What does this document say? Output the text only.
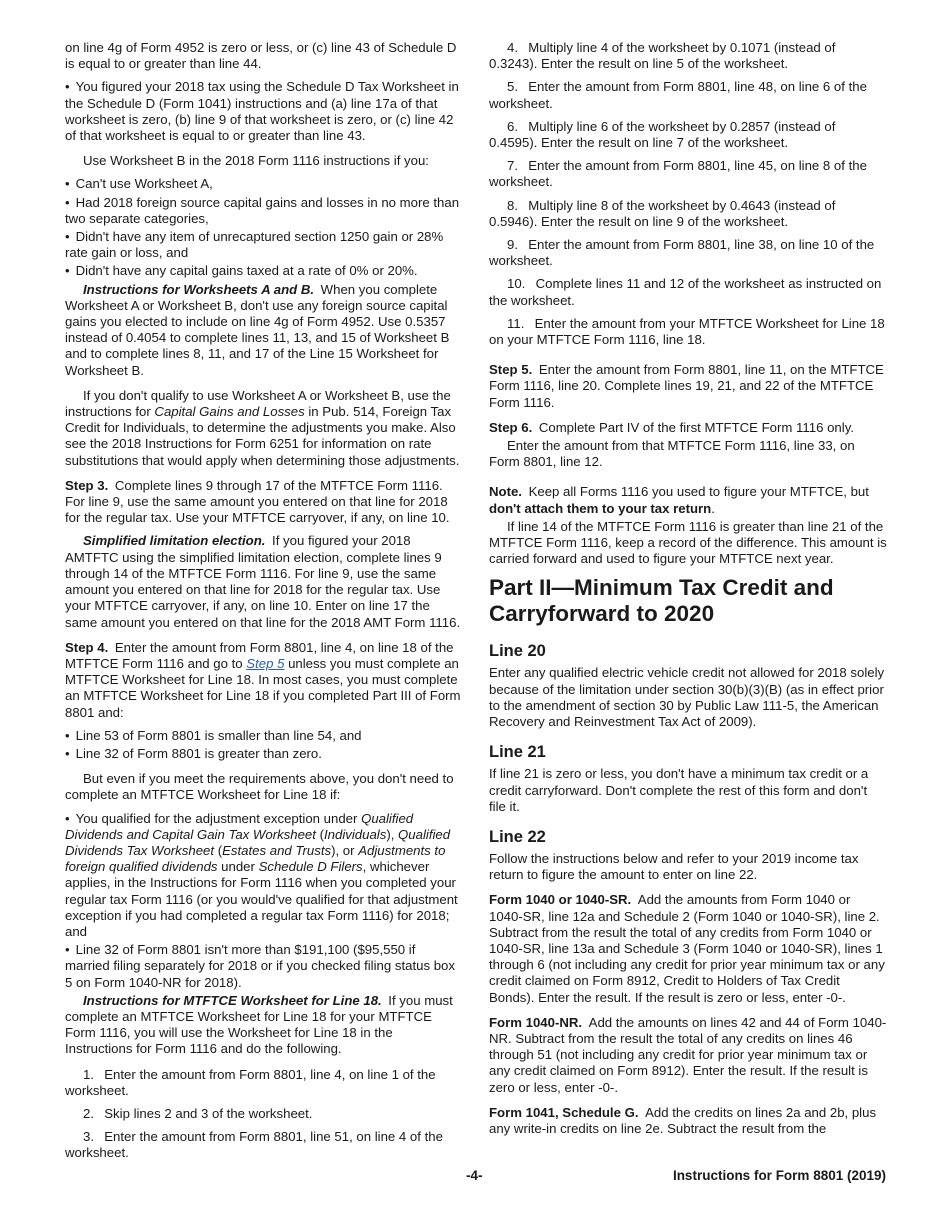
on line 4g of Form 4952 is zero or less, or (c) line 43 of Schedule D is equal to or greater than line 44.

• You figured your 2018 tax using the Schedule D Tax Worksheet in the Schedule D (Form 1041) instructions and (a) line 17a of that worksheet is zero, (b) line 9 of that worksheet is zero, or (c) line 42 of that worksheet is equal to or greater than line 43.

Use Worksheet B in the 2018 Form 1116 instructions if you:

• Can't use Worksheet A,

• Had 2018 foreign source capital gains and losses in no more than two separate categories,

• Didn't have any item of unrecaptured section 1250 gain or 28% rate gain or loss, and

• Didn't have any capital gains taxed at a rate of 0% or 20%.

Instructions for Worksheets A and B.  When you complete Worksheet A or Worksheet B, don't use any foreign source capital gains you elected to include on line 4g of Form 4952. Use 0.5357 instead of 0.4054 to complete lines 11, 13, and 15 of Worksheet B and to complete lines 8, 11, and 17 of the Line 15 Worksheet for Worksheet B.

If you don't qualify to use Worksheet A or Worksheet B, use the instructions for Capital Gains and Losses in Pub. 514, Foreign Tax Credit for Individuals, to determine the adjustments you make. Also see the 2018 Instructions for Form 6251 for information on rate substitutions that would apply when determining those adjustments.

Step 3.  Complete lines 9 through 17 of the MTFTCE Form 1116. For line 9, use the same amount you entered on that line for 2018 for the regular tax. Use your MTFTCE carryover, if any, on line 10.

Simplified limitation election.  If you figured your 2018 AMTFTC using the simplified limitation election, complete lines 9 through 14 of the MTFTCE Form 1116. For line 9, use the same amount you entered on that line for 2018 for the regular tax. Use your MTFTCE carryover, if any, on line 10. Enter on line 17 the same amount you entered on that line for the 2018 AMT Form 1116.

Step 4.  Enter the amount from Form 8801, line 4, on line 18 of the MTFTCE Form 1116 and go to Step 5 unless you must complete an MTFTCE Worksheet for Line 18. In most cases, you must complete an MTFTCE Worksheet for Line 18 if you completed Part III of Form 8801 and:

• Line 53 of Form 8801 is smaller than line 54, and

• Line 32 of Form 8801 is greater than zero.

But even if you meet the requirements above, you don't need to complete an MTFTCE Worksheet for Line 18 if:

• You qualified for the adjustment exception under Qualified Dividends and Capital Gain Tax Worksheet (Individuals), Qualified Dividends Tax Worksheet (Estates and Trusts), or Adjustments to foreign qualified dividends under Schedule D Filers, whichever applies, in the Instructions for Form 1116 when you completed your regular tax Form 1116 (or you would've qualified for that adjustment exception if you had completed a regular tax Form 1116) for 2018; and

• Line 32 of Form 8801 isn't more than $191,100 ($95,550 if married filing separately for 2018 or if you checked filing status box 5 on Form 1040-NR for 2018).

Instructions for MTFTCE Worksheet for Line 18.  If you must complete an MTFTCE Worksheet for Line 18 for your MTFTCE Form 1116, you will use the Worksheet for Line 18 in the Instructions for Form 1116 and do the following.

1.  Enter the amount from Form 8801, line 4, on line 1 of the worksheet.

2.  Skip lines 2 and 3 of the worksheet.

3.  Enter the amount from Form 8801, line 51, on line 4 of the worksheet.

4.  Multiply line 4 of the worksheet by 0.1071 (instead of 0.3243). Enter the result on line 5 of the worksheet.

5.  Enter the amount from Form 8801, line 48, on line 6 of the worksheet.

6.  Multiply line 6 of the worksheet by 0.2857 (instead of 0.4595). Enter the result on line 7 of the worksheet.

7.  Enter the amount from Form 8801, line 45, on line 8 of the worksheet.

8.  Multiply line 8 of the worksheet by 0.4643 (instead of 0.5946). Enter the result on line 9 of the worksheet.

9.  Enter the amount from Form 8801, line 38, on line 10 of the worksheet.

10.  Complete lines 11 and 12 of the worksheet as instructed on the worksheet.

11.  Enter the amount from your MTFTCE Worksheet for Line 18 on your MTFTCE Form 1116, line 18.

Step 5.  Enter the amount from Form 8801, line 11, on the MTFTCE Form 1116, line 20. Complete lines 19, 21, and 22 of the MTFTCE Form 1116.

Step 6.  Complete Part IV of the first MTFTCE Form 1116 only.

Enter the amount from that MTFTCE Form 1116, line 33, on Form 8801, line 12.

Note.  Keep all Forms 1116 you used to figure your MTFTCE, but don't attach them to your tax return.

If line 14 of the MTFTCE Form 1116 is greater than line 21 of the MTFTCE Form 1116, keep a record of the difference. This amount is carried forward and used to figure your MTFTCE next year.

Part II—Minimum Tax Credit and Carryforward to 2020
Line 20

Enter any qualified electric vehicle credit not allowed for 2018 solely because of the limitation under section 30(b)(3)(B) (as in effect prior to the amendment of section 30 by Public Law 111-5, the American Recovery and Reinvestment Tax Act of 2009).

Line 21

If line 21 is zero or less, you don't have a minimum tax credit or a credit carryforward. Don't complete the rest of this form and don't file it.

Line 22

Follow the instructions below and refer to your 2019 income tax return to figure the amount to enter on line 22.

Form 1040 or 1040-SR.  Add the amounts from Form 1040 or 1040-SR, line 12a and Schedule 2 (Form 1040 or 1040-SR), line 2. Subtract from the result the total of any credits from Form 1040 or 1040-SR, line 13a and Schedule 3 (Form 1040 or 1040-SR), lines 1 through 6 (not including any credit for prior year minimum tax or any credit claimed on Form 8912, Credit to Holders of Tax Credit Bonds). Enter the result. If the result is zero or less, enter -0-.

Form 1040-NR.  Add the amounts on lines 42 and 44 of Form 1040-NR. Subtract from the result the total of any credits on lines 46 through 51 (not including any credit for prior year minimum tax or any credit claimed on Form 8912). Enter the result. If the result is zero or less, enter -0-.

Form 1041, Schedule G.  Add the credits on lines 2a and 2b, plus any write-in credits on line 2e. Subtract the result from the

-4-	Instructions for Form 8801 (2019)
